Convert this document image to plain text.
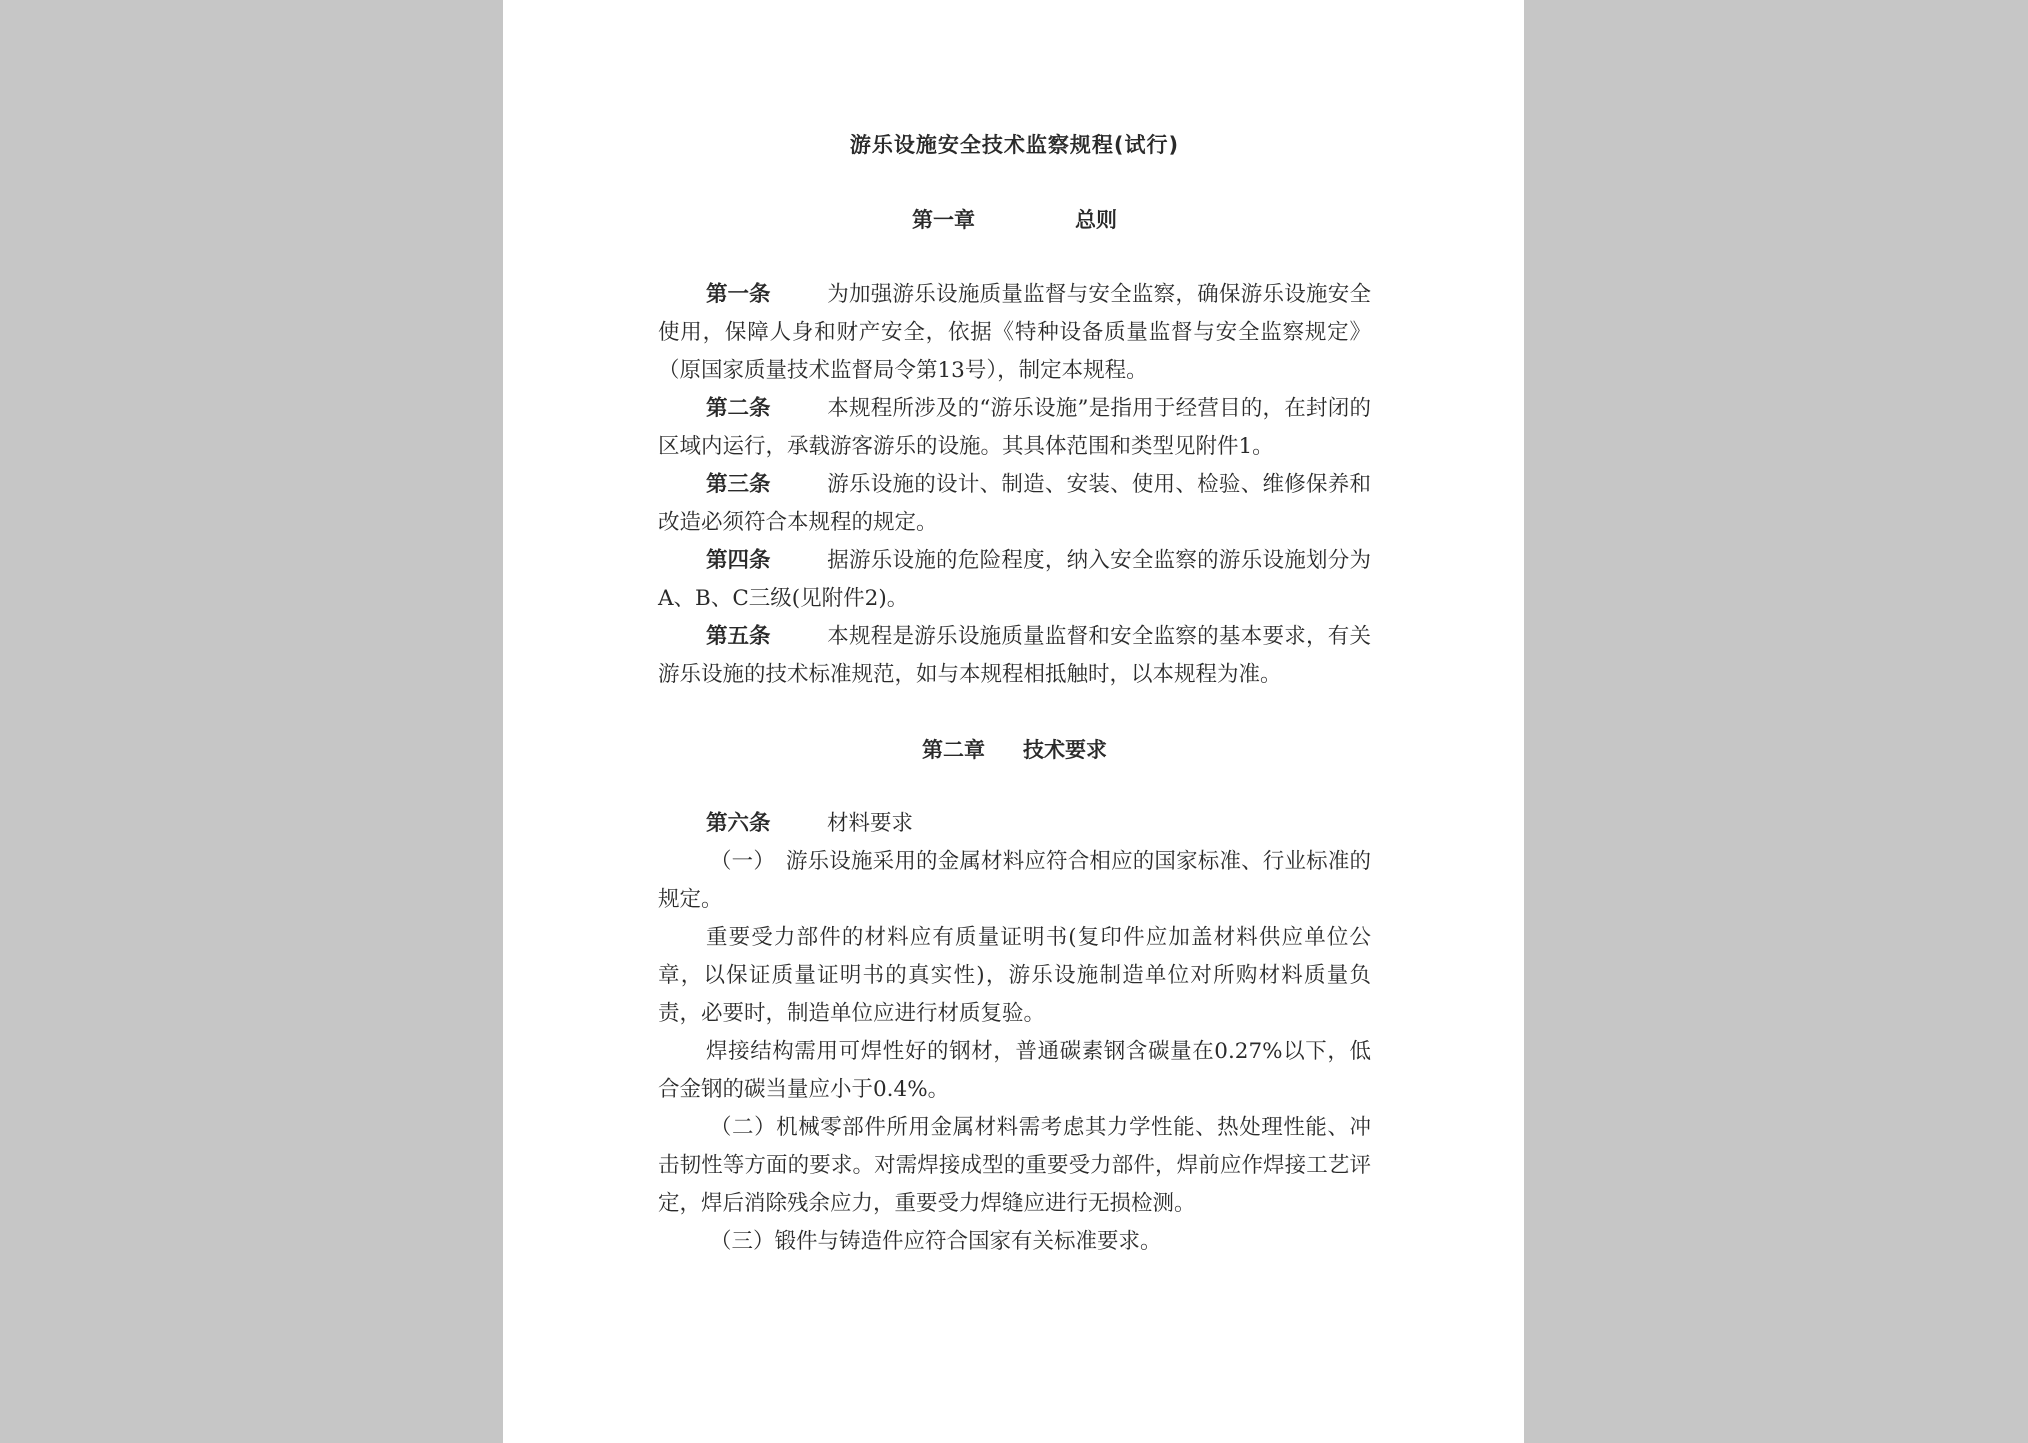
游乐设施安全技术监察规程(试行)
第一章	总则

第一条	为加强游乐设施质量监督与安全监察，确保游乐设施安全使用，保障人身和财产安全，依据《特种设备质量监督与安全监察规定》（原国家质量技术监督局令第13号），制定本规程。

第二条	本规程所涉及的“游乐设施”是指用于经营目的，在封闭的区域内运行，承载游客游乐的设施。其具体范围和类型见附件1。

第三条	游乐设施的设计、制造、安装、使用、检验、维修保养和改造必须符合本规程的规定。

第四条	据游乐设施的危险程度，纳入安全监察的游乐设施划分为A、B、C三级(见附件2)。

第五条	本规程是游乐设施质量监督和安全监察的基本要求，有关游乐设施的技术标准规范，如与本规程相抵触时，以本规程为准。

第二章 技术要求

第六条	材料要求

（一）　游乐设施采用的金属材料应符合相应的国家标准、行业标准的规定。

重要受力部件的材料应有质量证明书(复印件应加盖材料供应单位公章，以保证质量证明书的真实性)，游乐设施制造单位对所购材料质量负责，必要时，制造单位应进行材质复验。

焊接结构需用可焊性好的钢材，普通碳素钢含碳量在0.27%以下，低合金钢的碳当量应小于0.4%。

（二）机械零部件所用金属材料需考虑其力学性能、热处理性能、冲击韧性等方面的要求。对需焊接成型的重要受力部件，焊前应作焊接工艺评定，焊后消除残余应力，重要受力焊缝应进行无损检测。

（三）锻件与铸造件应符合国家有关标准要求。
